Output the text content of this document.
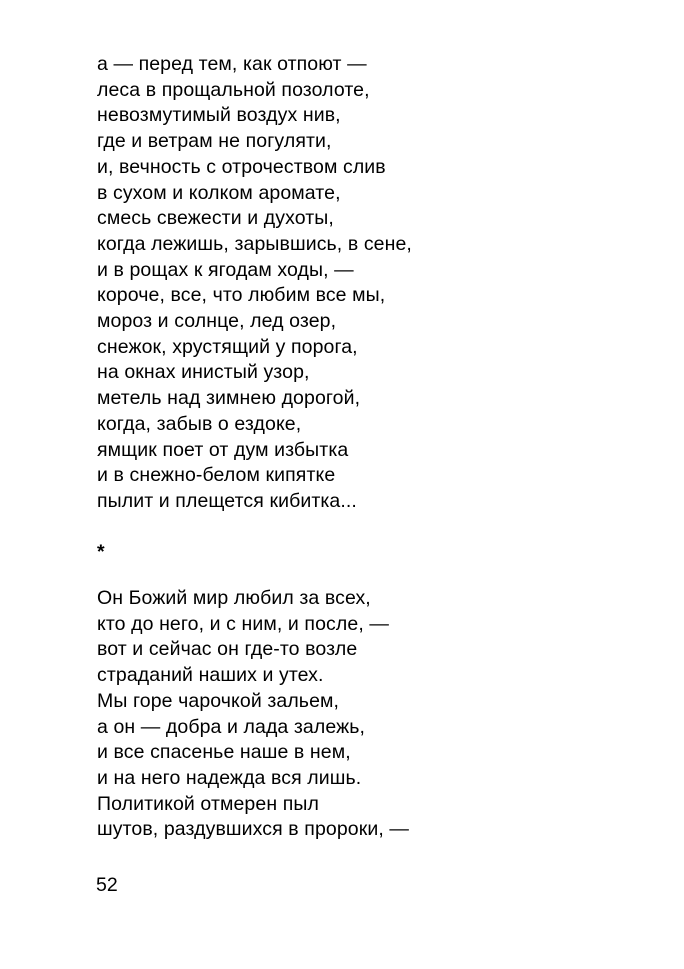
а — перед тем, как отпоют —
леса в прощальной позолоте,
невозмутимый воздух нив,
где и ветрам не погуляти,
и, вечность с отрочеством слив
в сухом и колком аромате,
смесь свежести и духоты,
когда лежишь, зарывшись, в сене,
и в рощах к ягодам ходы, —
короче, все, что любим все мы,
мороз и солнце, лед озер,
снежок, хрустящий у порога,
на окнах инистый узор,
метель над зимнею дорогой,
когда, забыв о ездоке,
ямщик поет от дум избытка
и в снежно-белом кипятке
пылит и плещется кибитка...
*
Он Божий мир любил за всех,
кто до него, и с ним, и после, —
вот и сейчас он где-то возле
страданий наших и утех.
Мы горе чарочкой зальем,
а он — добра и лада залежь,
и все спасенье наше в нем,
и на него надежда вся лишь.
Политикой отмерен пыл
шутов, раздувшихся в пророки, —
52
